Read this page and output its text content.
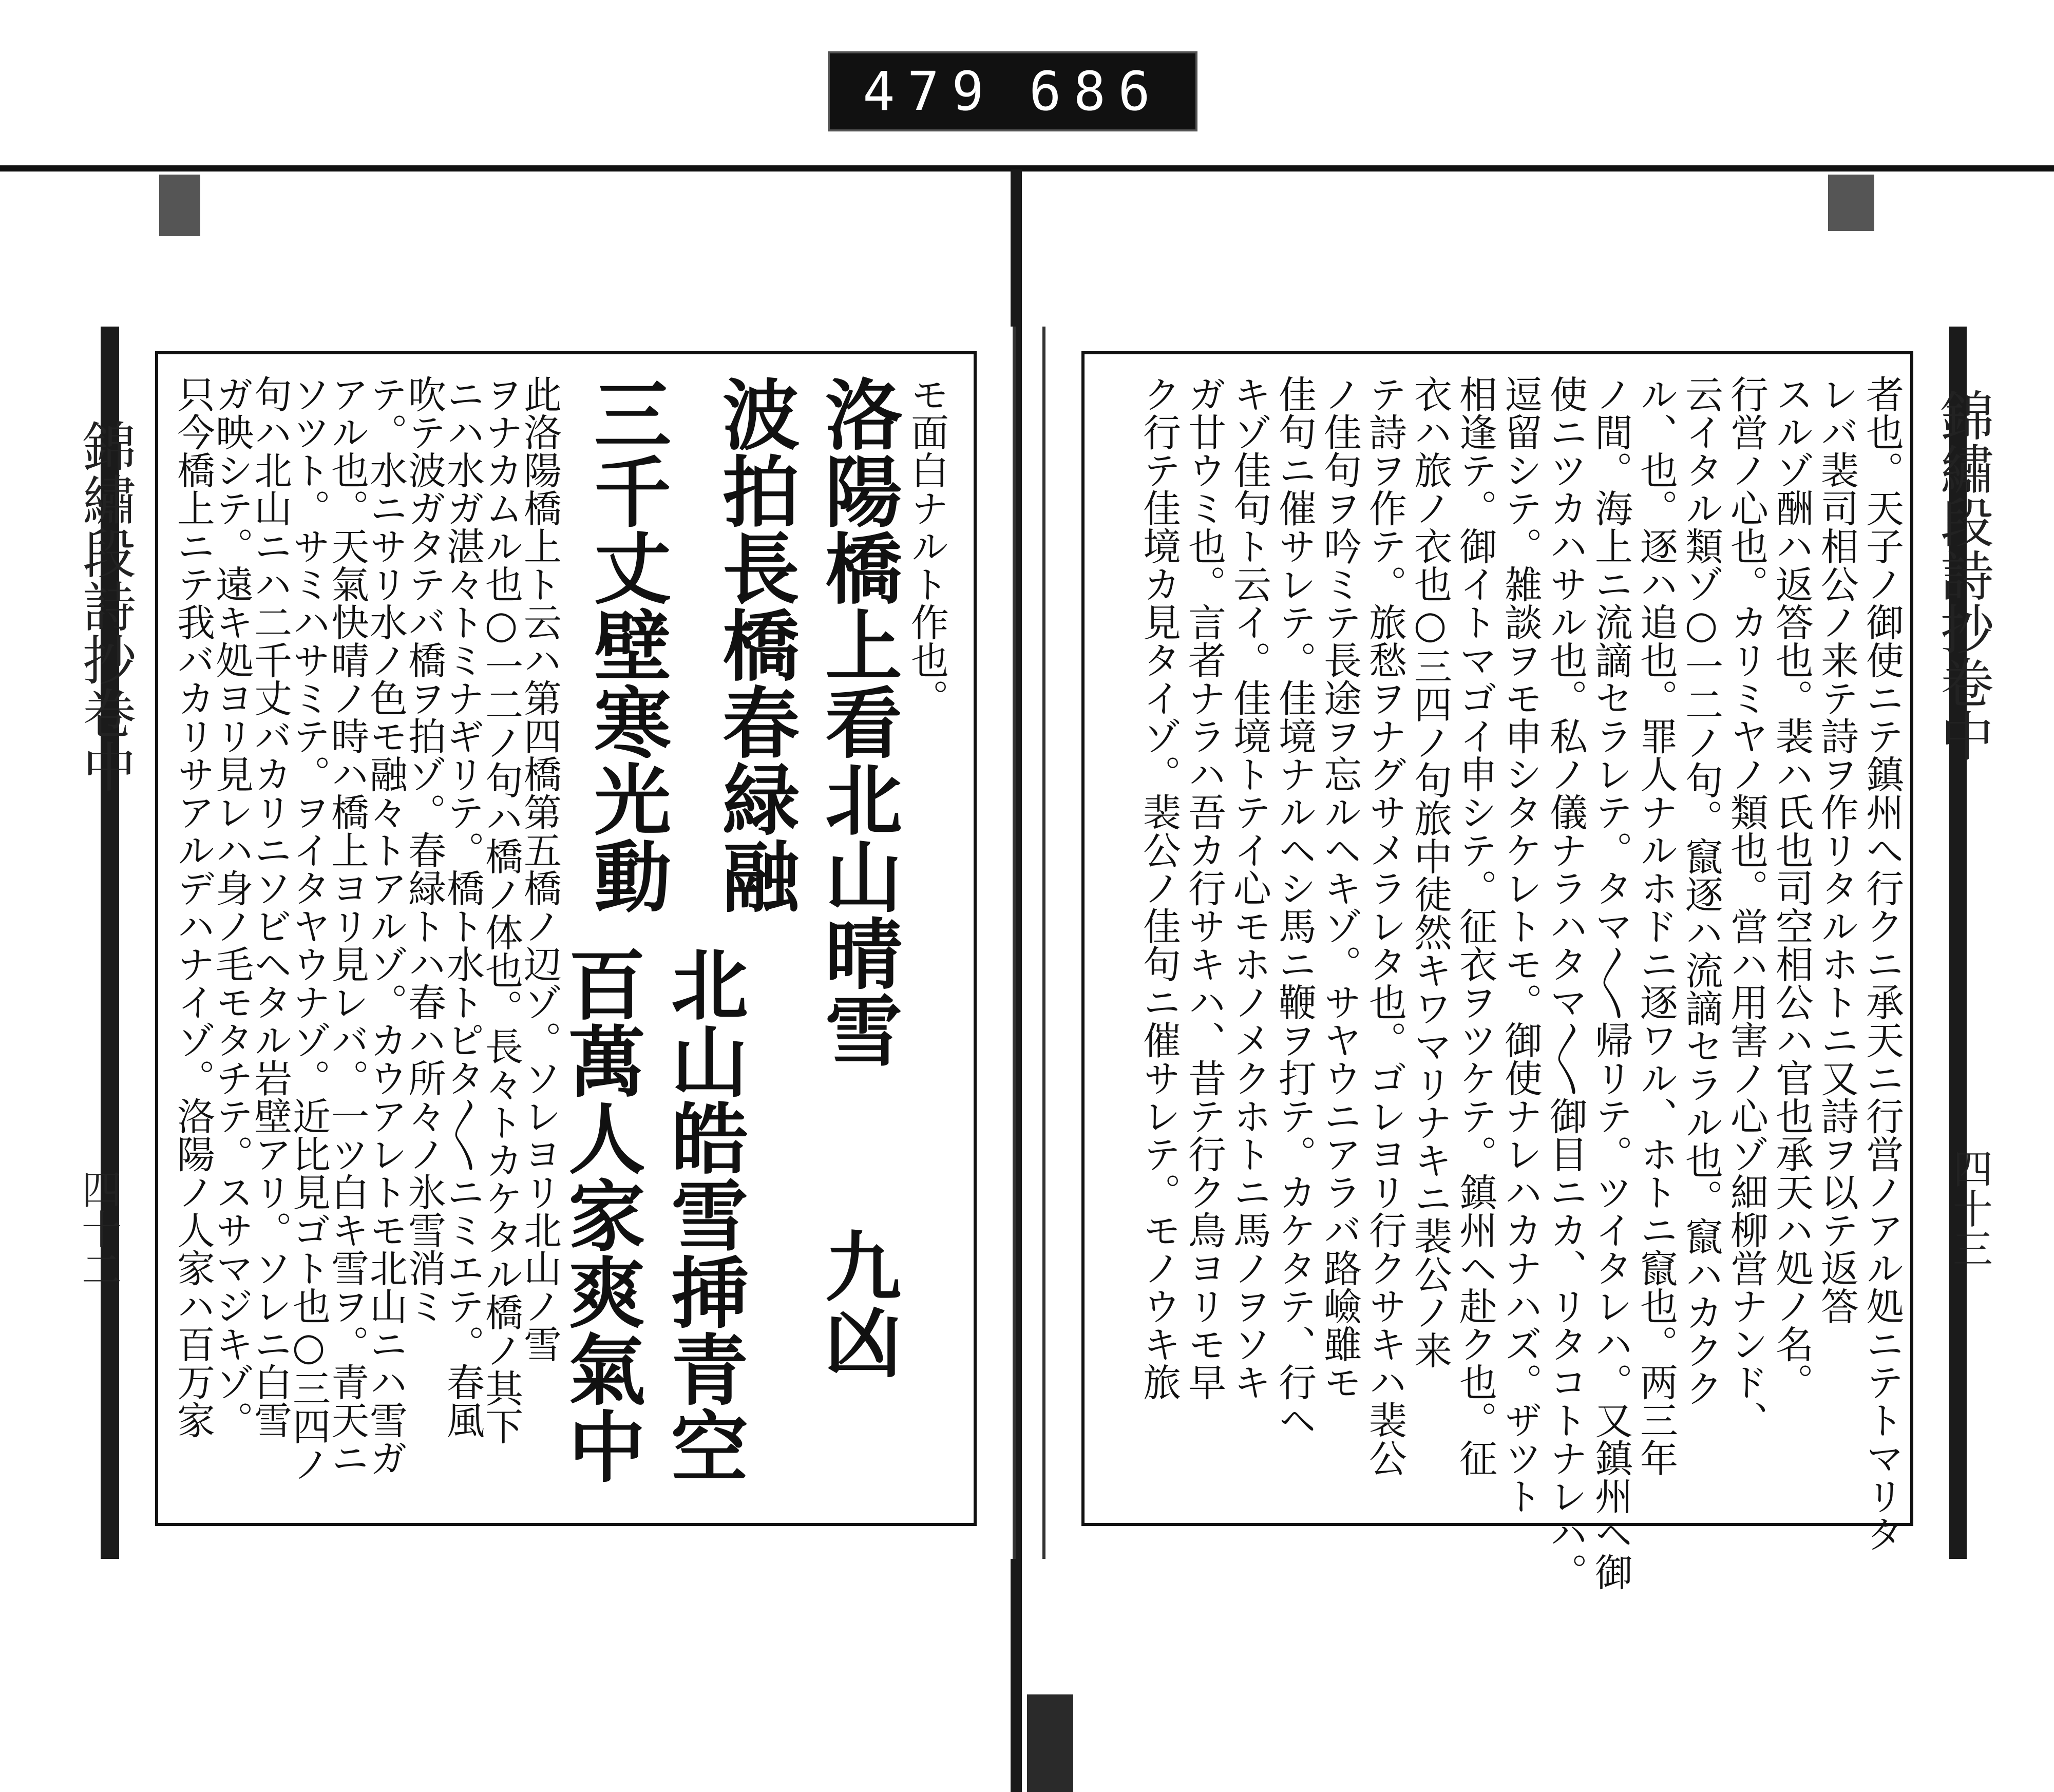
479 686
錦繡段詩抄卷中
四十二
モ面白ナルト作也。
洛陽橋上看北山晴雪
九凶
波拍長橋春緑融
北山皓雪挿青空
三千丈壁寒光動
百萬人家爽氣中
此洛陽橋上ト云ハ第四橋第五橋ノ辺ゾ。ソレヨリ北山ノ雪
ヲナカムル也○一二ノ句ハ橋ノ体也。長々トカケタル橋ノ其下
ニハ水ガ湛々トミナギリテ。橋ト水トピタ〳〵ニミエテ。春風
吹テ波ガタテバ橋ヲ拍ゾ。春緑トハ春ハ所々ノ氷雪消ミ
テ。水ニサリ水ノ色モ融々トアルゾ。カウアレトモ北山ニハ雪ガ
アル也。天氣快晴ノ時ハ橋上ヨリ見レバ。一ツ白キ雪ヲ。青天ニ
ソツト。サミハサミテ。ヲイタヤウナゾ。近比見ゴト也○三四ノ
句ハ北山ニハ二千丈バカリニソビヘタル岩壁アリ。ソレニ白雪
ガ映シテ。遠キ処ヨリ見レハ身ノ毛モタチテ。スサマジキゾ。
只今橋上ニテ我バカリサアルデハナイゾ。洛陽ノ人家ハ百万家	錦繡段詩抄卷中
四十三
者也。天子ノ御使ニテ鎮州へ行クニ承天ニ行営ノアル処ニテトマリタ
レバ裴司相公ノ来テ詩ヲ作リタルホトニ又詩ヲ以テ返答
スルゾ酬ハ返答也。裴ハ氏也司空相公ハ官也承天ハ処ノ名。
行営ノ心也。カリミヤノ類也。営ハ用害ノ心ゾ細柳営ナンド、
云イタル類ゾ○一二ノ句。竄逐ハ流謫セラル也。竄ハカクク
ル、也。逐ハ追也。罪人ナルホドニ逐ワル、ホトニ竄也。两三年
ノ間。海上ニ流謫セラレテ。タマ〳〵帰リテ。ツイタレハ。又鎮州ヘ御
使ニツカハサル也。私ノ儀ナラハタマ〳〵御目ニカ、リタコトナレハ。
逗留シテ。雑談ヲモ申シタケレトモ。御使ナレハカナハズ。ザツト
相逢テ。御イトマゴイ申シテ。征衣ヲツケテ。鎮州ヘ赴ク也。征
衣ハ旅ノ衣也○三四ノ句旅中徒然キワマリナキニ裴公ノ来
テ詩ヲ作テ。旅愁ヲナグサメラレタ也。ゴレヨリ行クサキハ裴公
ノ佳句ヲ吟ミテ長途ヲ忘ルヘキゾ。サヤウニアラバ路嶮雖モ
佳句ニ催サレテ。佳境ナルヘシ馬ニ鞭ヲ打テ。カケタテ、行ヘ
キゾ佳句ト云イ。佳境トテイ心モホノメクホトニ馬ノヲソキ
ガ廿ウミ也。言者ナラハ吾カ行サキハ、昔テ行ク鳥ヨリモ早
ク行テ佳境カ見タイゾ。裴公ノ佳句ニ催サレテ。モノウキ旅
